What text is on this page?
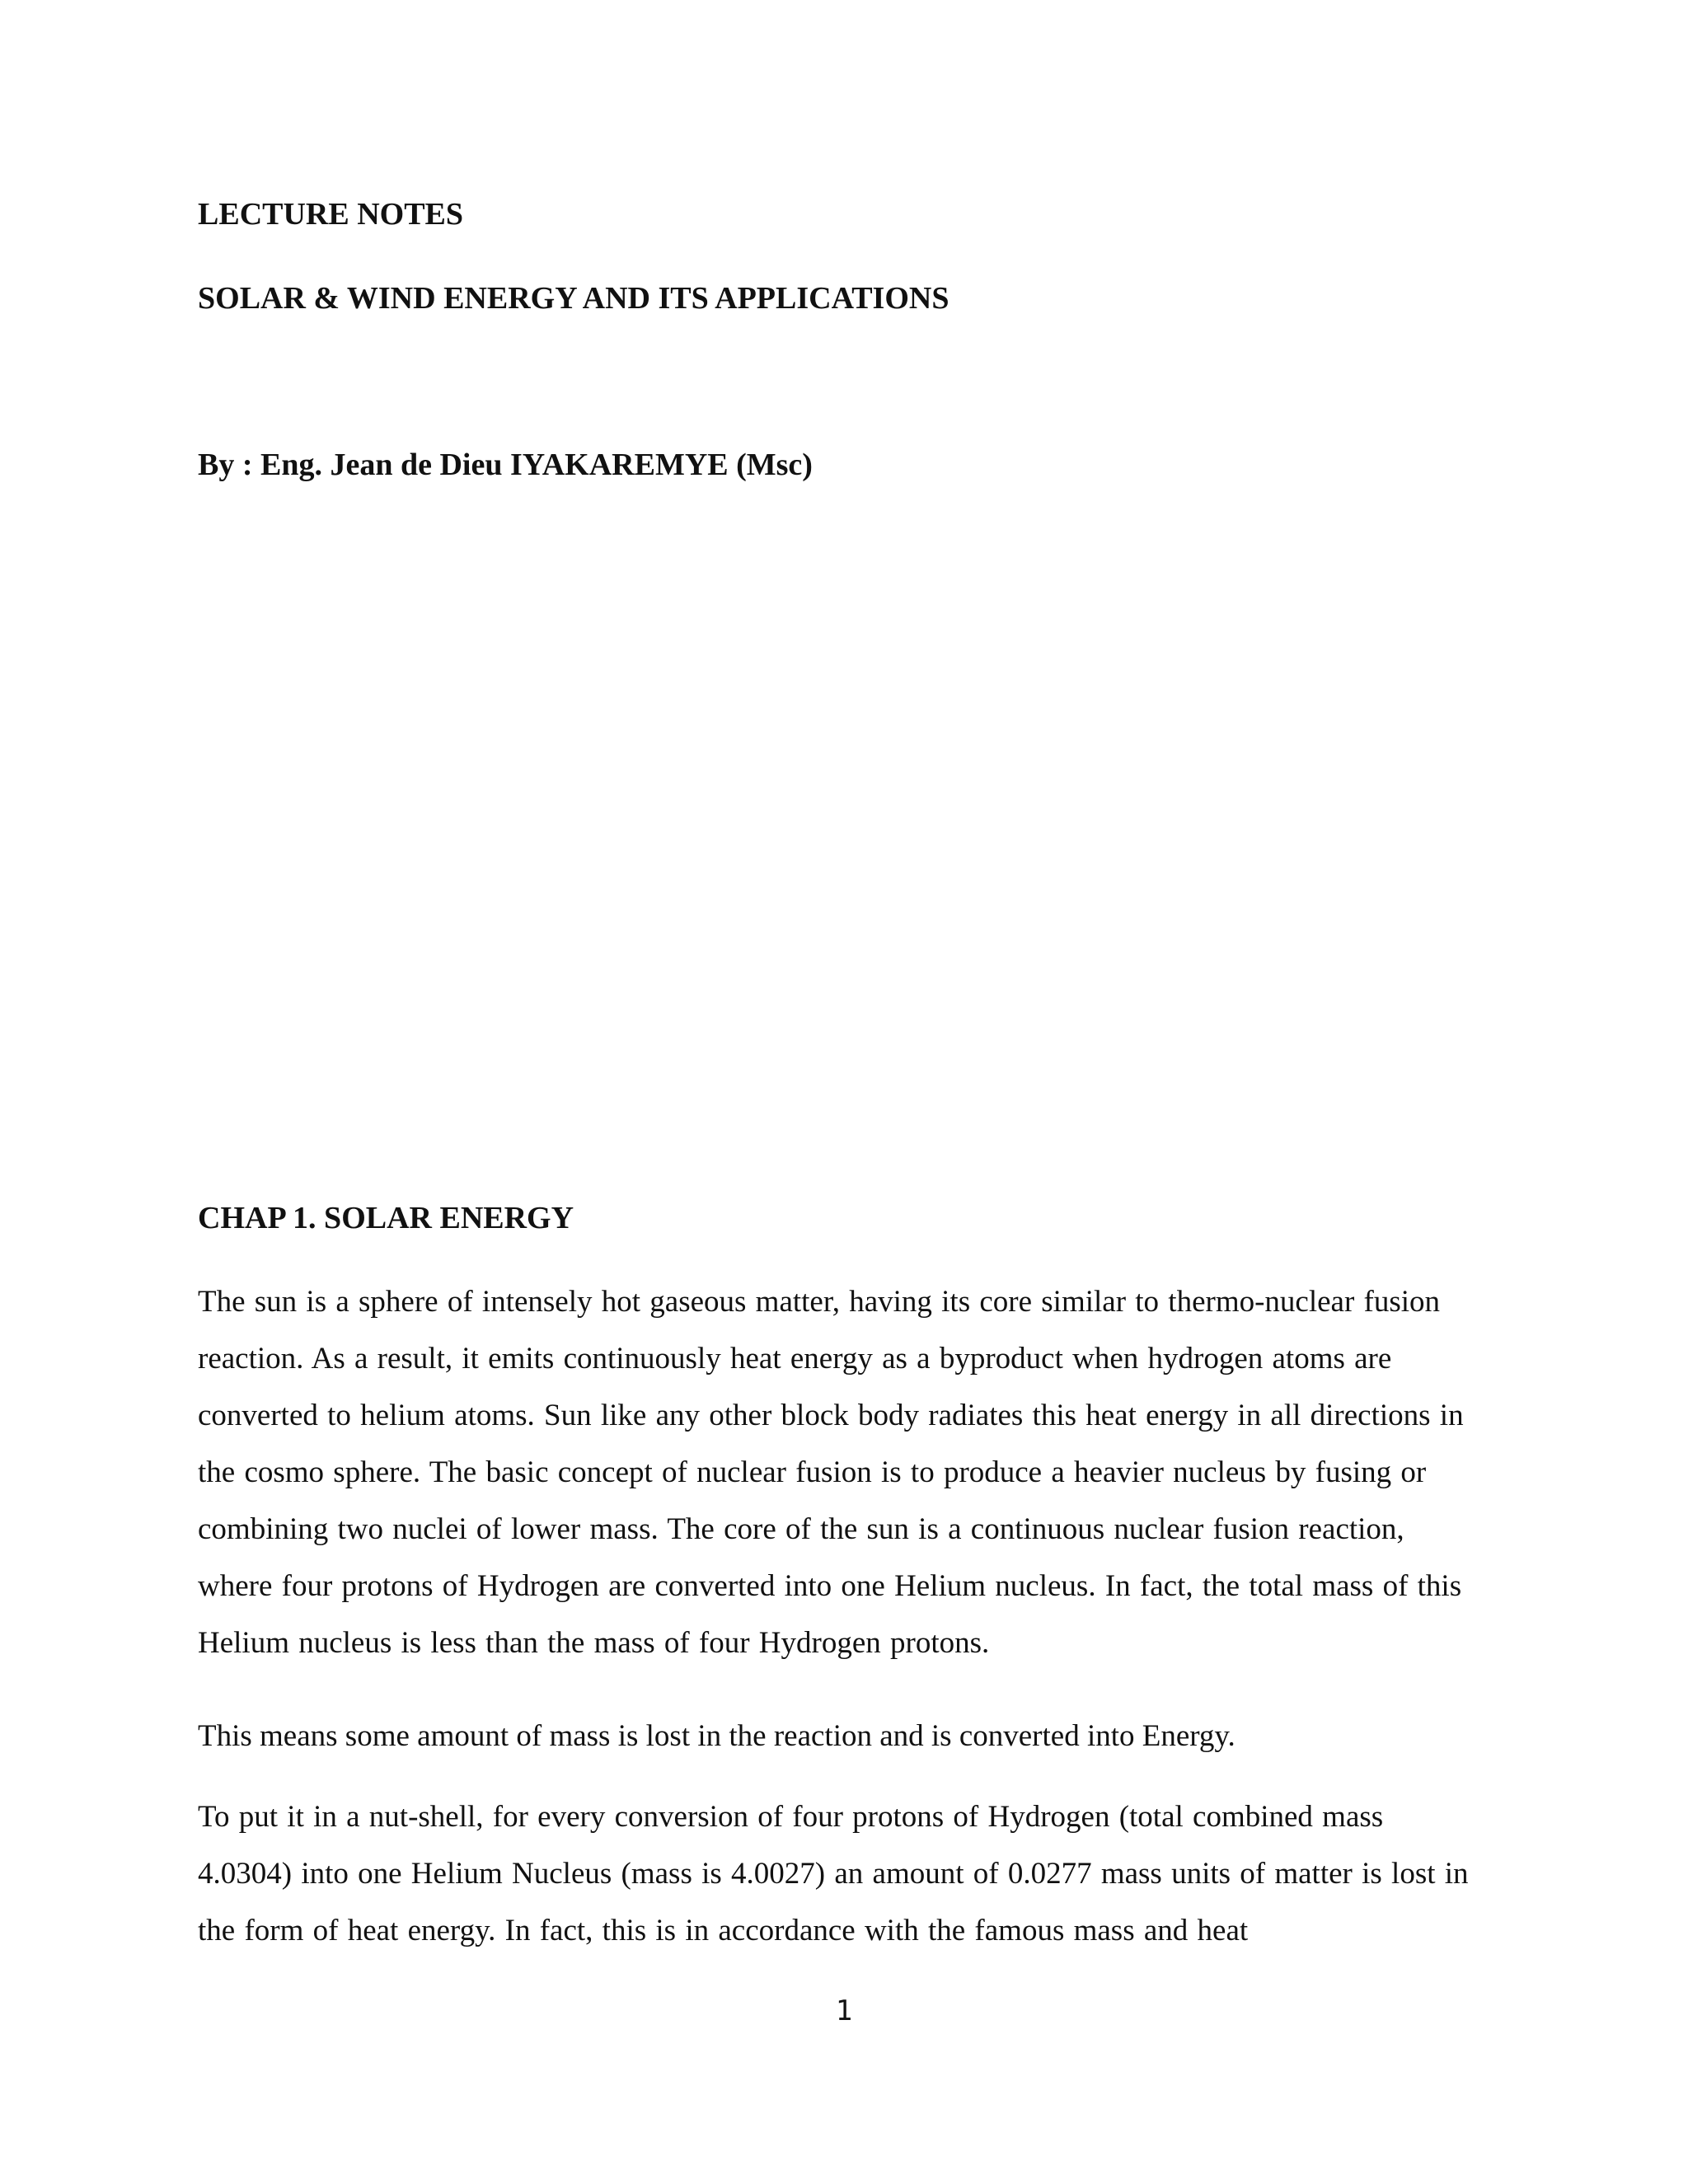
LECTURE NOTES

SOLAR & WIND ENERGY AND ITS APPLICATIONS

By : Eng. Jean de Dieu IYAKAREMYE (Msc)

CHAP 1. SOLAR ENERGY

The sun is a sphere of intensely hot gaseous matter, having its core similar to thermo-nuclear fusion reaction. As a result, it emits continuously heat energy as a byproduct when hydrogen atoms are converted to helium atoms. Sun like any other block body radiates this heat energy in all directions in the cosmo sphere. The basic concept of nuclear fusion is to produce a heavier nucleus by fusing or combining two nuclei of lower mass. The core of the sun is a continuous nuclear fusion reaction, where four protons of Hydrogen are converted into one Helium nucleus. In fact, the total mass of this Helium nucleus is less than the mass of four Hydrogen protons.

This means some amount of mass is lost in the reaction and is converted into Energy.

To put it in a nut-shell, for every conversion of four protons of Hydrogen (total combined mass 4.0304) into one Helium Nucleus (mass is 4.0027) an amount of 0.0277 mass units of matter is lost in the form of heat energy. In fact, this is in accordance with the famous mass and heat

1
